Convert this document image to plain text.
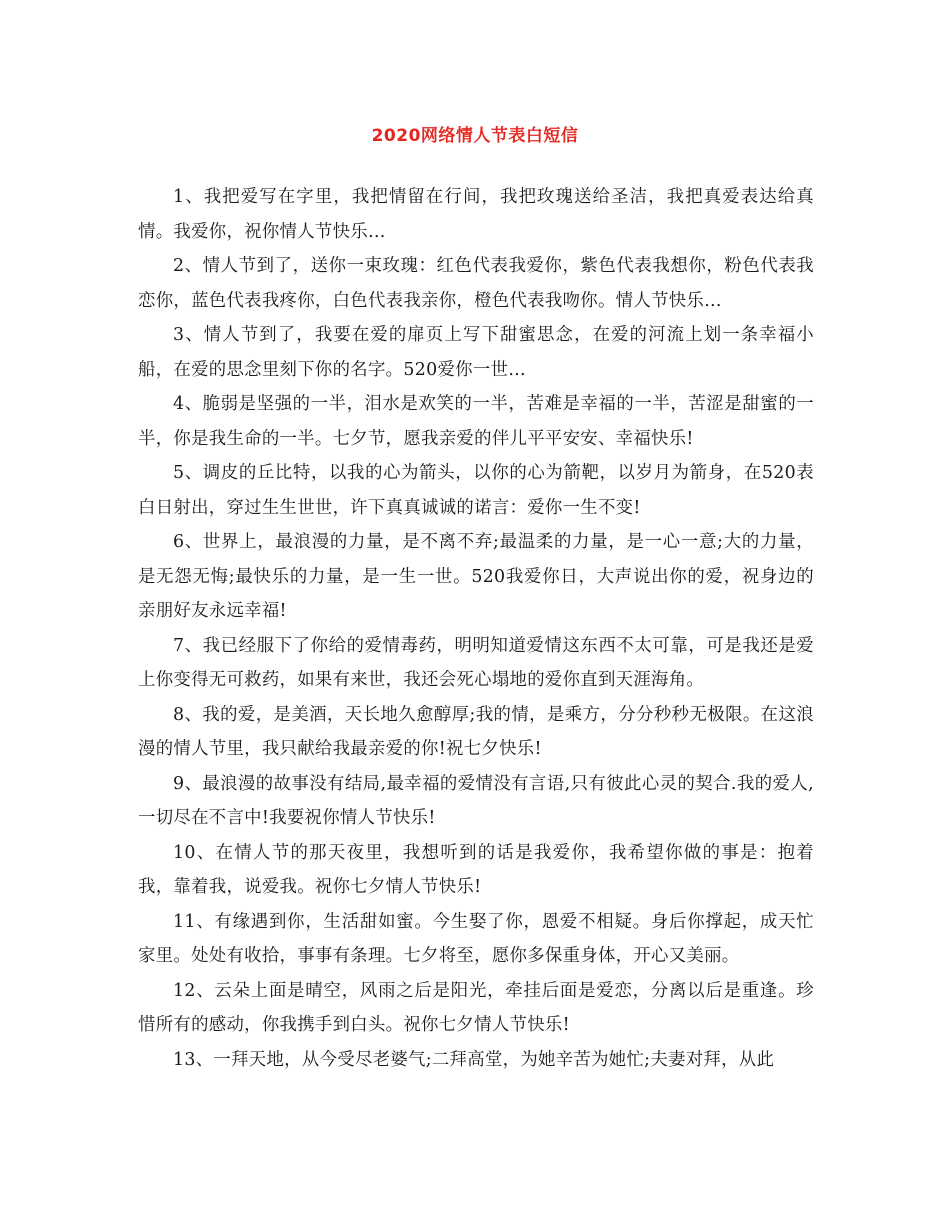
2020网络情人节表白短信

1、我把爱写在字里，我把情留在行间，我把玫瑰送给圣洁，我把真爱表达给真情。我爱你，祝你情人节快乐…

2、情人节到了，送你一束玫瑰：红色代表我爱你，紫色代表我想你，粉色代表我恋你，蓝色代表我疼你，白色代表我亲你，橙色代表我吻你。情人节快乐…

3、情人节到了，我要在爱的扉页上写下甜蜜思念，在爱的河流上划一条幸福小船，在爱的思念里刻下你的名字。520爱你一世…

4、脆弱是坚强的一半，泪水是欢笑的一半，苦难是幸福的一半，苦涩是甜蜜的一半，你是我生命的一半。七夕节，愿我亲爱的伴儿平平安安、幸福快乐!

5、调皮的丘比特，以我的心为箭头，以你的心为箭靶，以岁月为箭身，在520表白日射出，穿过生生世世，许下真真诚诚的诺言：爱你一生不变!

6、世界上，最浪漫的力量，是不离不弃;最温柔的力量，是一心一意;大的力量，是无怨无悔;最快乐的力量，是一生一世。520我爱你日，大声说出你的爱，祝身边的亲朋好友永远幸福!

7、我已经服下了你给的爱情毒药，明明知道爱情这东西不太可靠，可是我还是爱上你变得无可救药，如果有来世，我还会死心塌地的爱你直到天涯海角。

8、我的爱，是美酒，天长地久愈醇厚;我的情，是乘方，分分秒秒无极限。在这浪漫的情人节里，我只献给我最亲爱的你!祝七夕快乐!

9、最浪漫的故事没有结局,最幸福的爱情没有言语,只有彼此心灵的契合.我的爱人,一切尽在不言中!我要祝你情人节快乐!

10、在情人节的那天夜里，我想听到的话是我爱你，我希望你做的事是：抱着我，靠着我，说爱我。祝你七夕情人节快乐!

11、有缘遇到你，生活甜如蜜。今生娶了你，恩爱不相疑。身后你撑起，成天忙家里。处处有收拾，事事有条理。七夕将至，愿你多保重身体，开心又美丽。

12、云朵上面是晴空，风雨之后是阳光，牵挂后面是爱恋，分离以后是重逢。珍惜所有的感动，你我携手到白头。祝你七夕情人节快乐!

13、一拜天地，从今受尽老婆气;二拜高堂，为她辛苦为她忙;夫妻对拜，从此
